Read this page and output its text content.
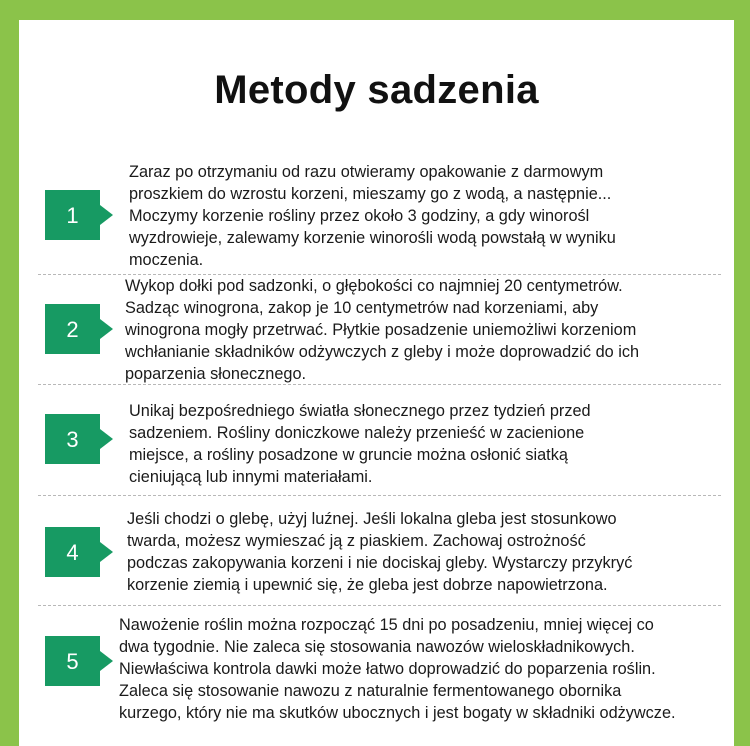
Metody sadzenia
1
Zaraz po otrzymaniu od razu otwieramy opakowanie z darmowym
proszkiem do wzrostu korzeni, mieszamy go z wodą, a następnie...
Moczymy korzenie rośliny przez około 3 godziny, a gdy winorośl
wyzdrowieje, zalewamy korzenie winorośli wodą powstałą w wyniku
moczenia.
2
Wykop dołki pod sadzonki, o głębokości co najmniej 20 centymetrów.
Sadząc winogrona, zakop je 10 centymetrów nad korzeniami, aby
winogrona mogły przetrwać. Płytkie posadzenie uniemożliwi korzeniom
wchłanianie składników odżywczych z gleby i może doprowadzić do ich
poparzenia słonecznego.
3
Unikaj bezpośredniego światła słonecznego przez tydzień przed
sadzeniem. Rośliny doniczkowe należy przenieść w zacienione
miejsce, a rośliny posadzone w gruncie można osłonić siatką
cieniującą lub innymi materiałami.
4
Jeśli chodzi o glebę, użyj luźnej. Jeśli lokalna gleba jest stosunkowo
twarda, możesz wymieszać ją z piaskiem. Zachowaj ostrożność
podczas zakopywania korzeni i nie dociskaj gleby. Wystarczy przykryć
korzenie ziemią i upewnić się, że gleba jest dobrze napowietrzona.
5
Nawożenie roślin można rozpocząć 15 dni po posadzeniu, mniej więcej co
dwa tygodnie. Nie zaleca się stosowania nawozów wieloskładnikowych.
Niewłaściwa kontrola dawki może łatwo doprowadzić do poparzenia roślin.
Zaleca się stosowanie nawozu z naturalnie fermentowanego obornika
kurzego, który nie ma skutków ubocznych i jest bogaty w składniki odżywcze.
